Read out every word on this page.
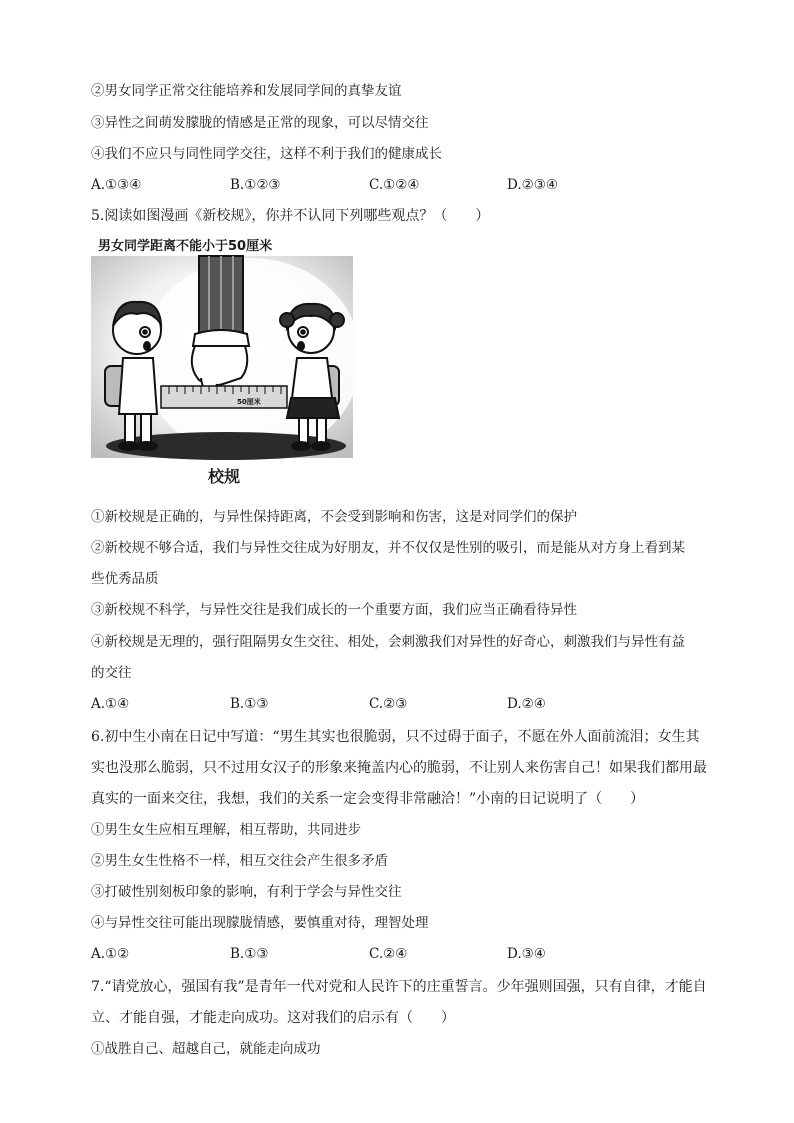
②男女同学正常交往能培养和发展同学间的真挚友谊
③异性之间萌发朦胧的情感是正常的现象，可以尽情交往
④我们不应只与同性同学交往，这样不利于我们的健康成长
A.①③④	B.①②③	C.①②④	D.②③④
5.阅读如图漫画《新校规》，你并不认同下列哪些观点？（　　）
50厘米
男女同学距离不能小于50厘米
校规
①新校规是正确的，与异性保持距离，不会受到影响和伤害，这是对同学们的保护
②新校规不够合适，我们与异性交往成为好朋友，并不仅仅是性别的吸引，而是能从对方身上看到某
些优秀品质
③新校规不科学，与异性交往是我们成长的一个重要方面，我们应当正确看待异性
④新校规是无理的，强行阻隔男女生交往、相处，会刺激我们对异性的好奇心，刺激我们与异性有益
的交往
A.①④	B.①③	C.②③	D.②④
6.初中生小南在日记中写道：“男生其实也很脆弱，只不过碍于面子，不愿在外人面前流泪；女生其
实也没那么脆弱，只不过用女汉子的形象来掩盖内心的脆弱，不让别人来伤害自己！如果我们都用最
真实的一面来交往，我想，我们的关系一定会变得非常融洽！”小南的日记说明了（　　）
①男生女生应相互理解，相互帮助，共同进步
②男生女生性格不一样，相互交往会产生很多矛盾
③打破性别刻板印象的影响，有利于学会与异性交往
④与异性交往可能出现朦胧情感，要慎重对待，理智处理
A.①②	B.①③	C.②④	D.③④
7.“请党放心，强国有我”是青年一代对党和人民许下的庄重誓言。少年强则国强，只有自律，才能自
立、才能自强，才能走向成功。这对我们的启示有（　　）
①战胜自己、超越自己，就能走向成功
